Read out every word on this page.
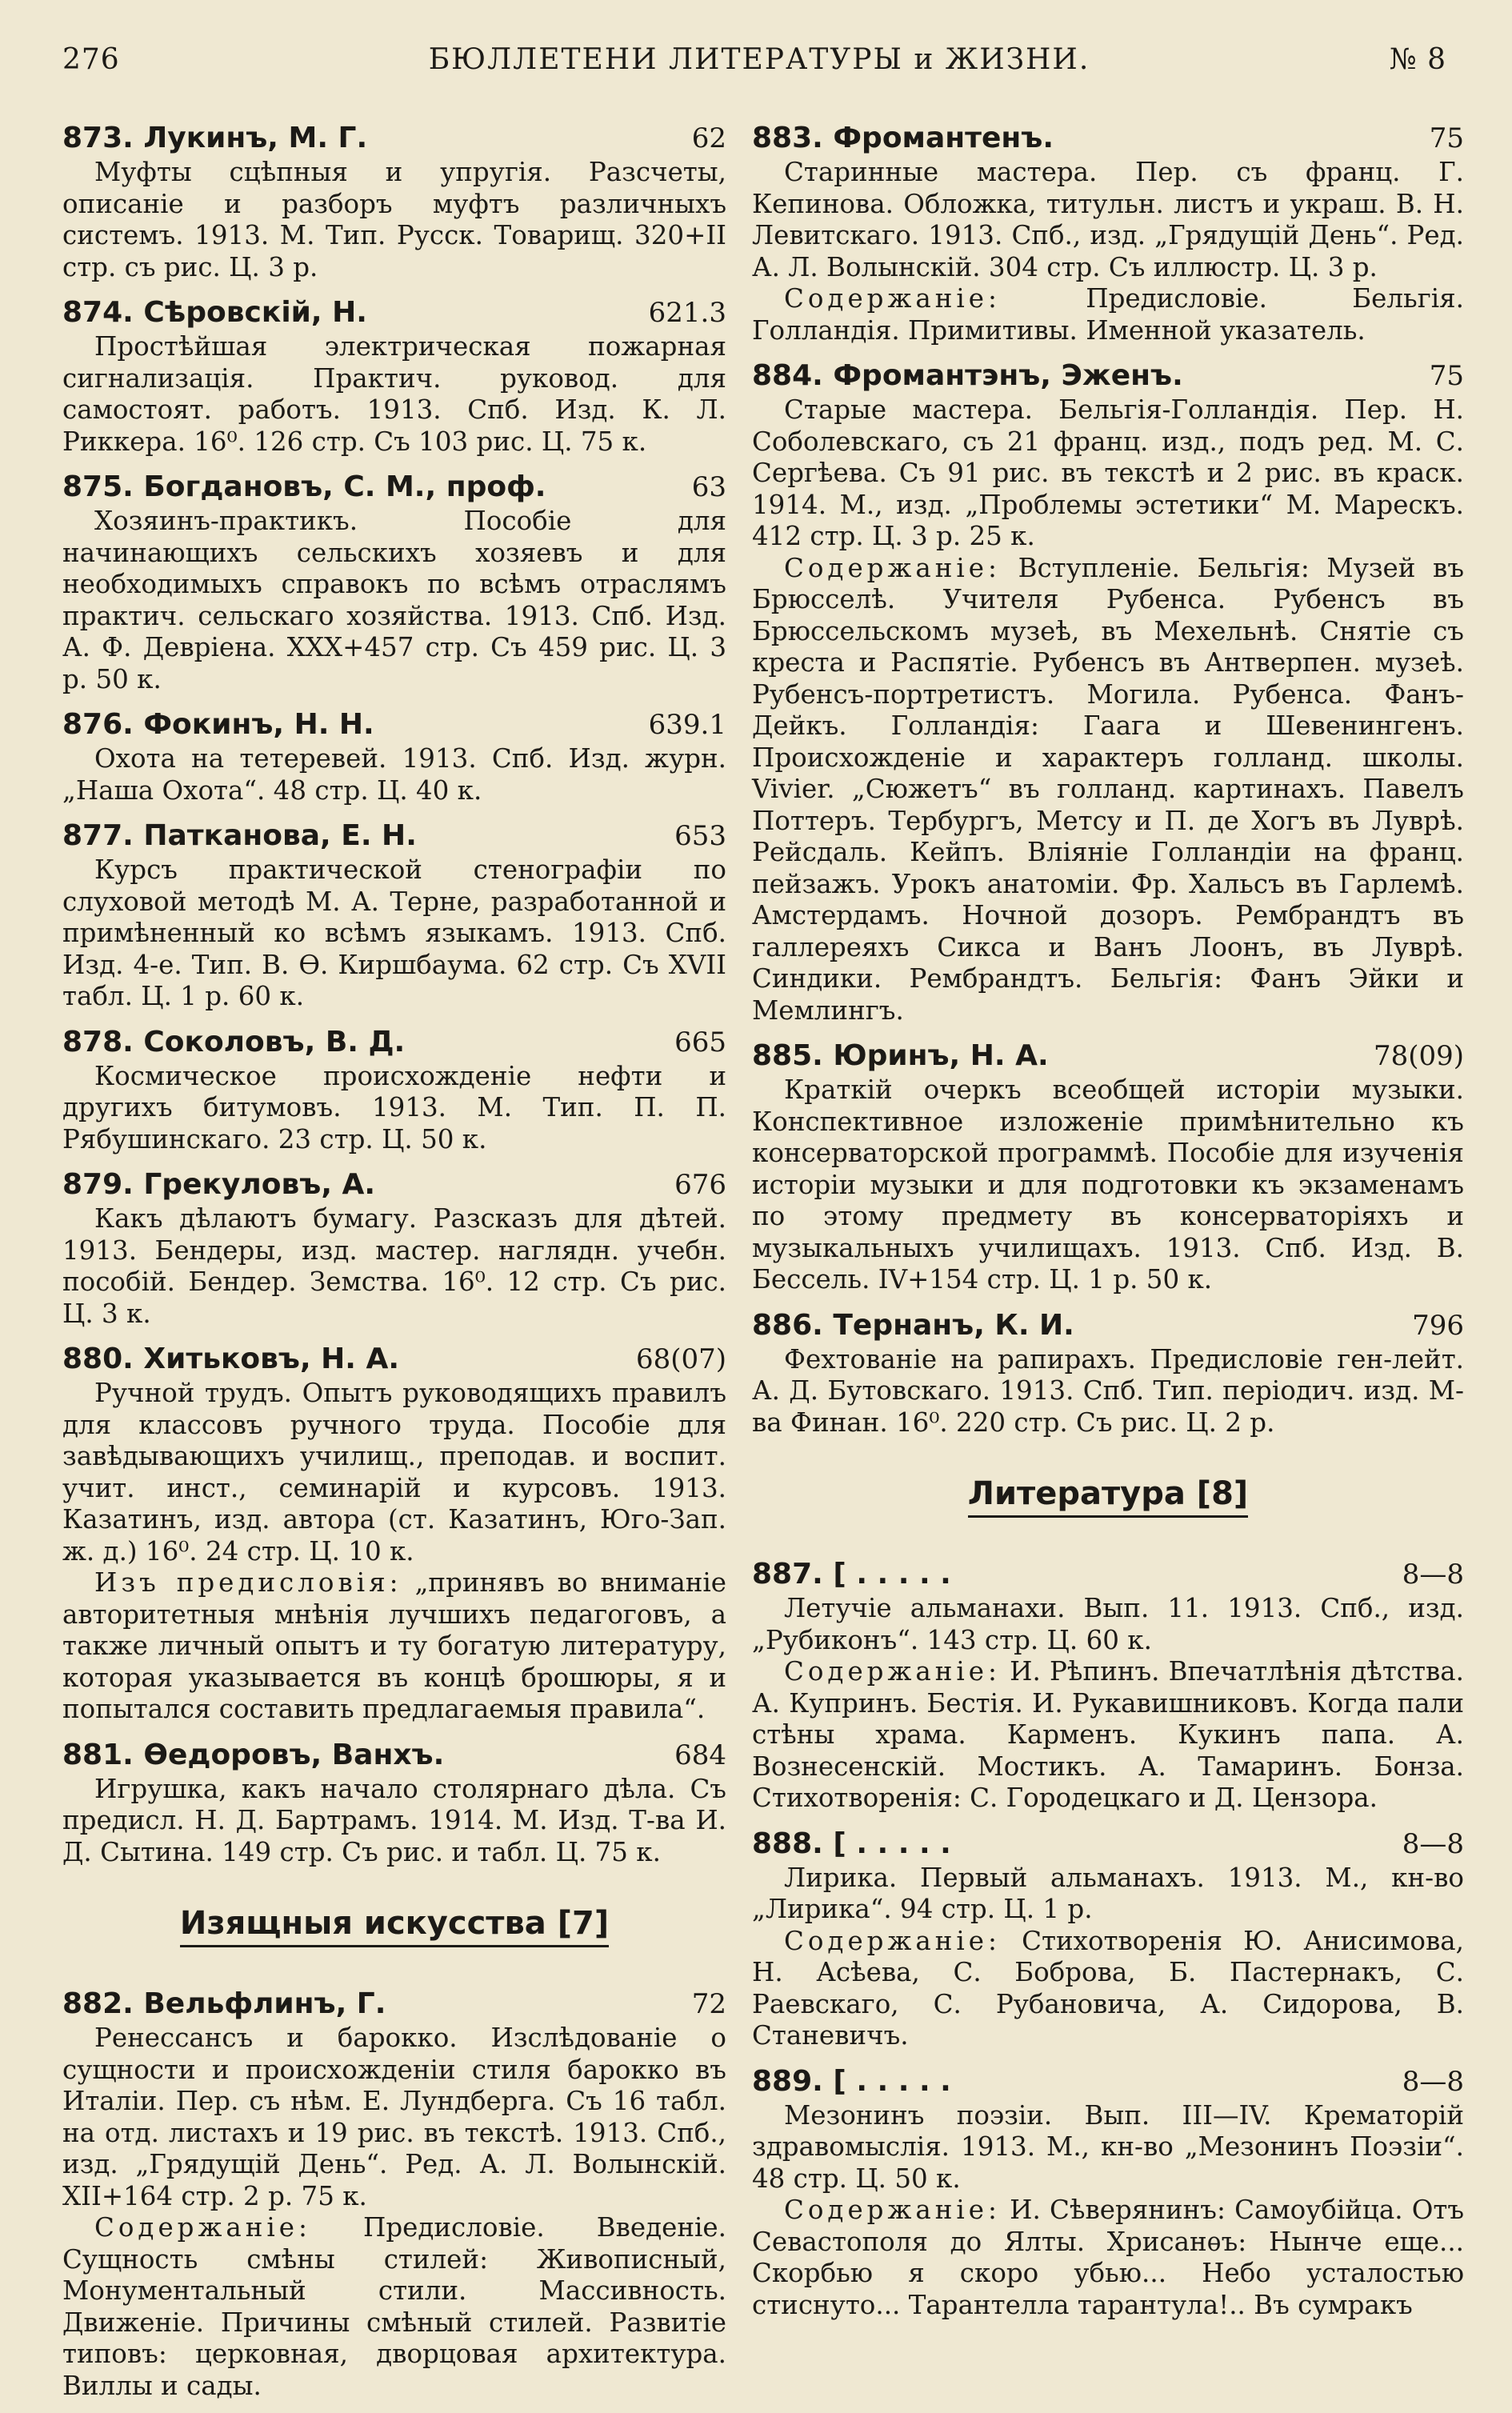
276	БЮЛЛЕТЕНИ ЛИТЕРАТУРЫ и ЖИЗНИ.	№ 8
873. Лукинъ, М. Г.	62

Муфты сцѣпныя и упругія. Разсчеты, описаніе и разборъ муфтъ различныхъ системъ. 1913. М. Тип. Русск. Товарищ. 320+II стр. съ рис. Ц. 3 р.

874. Сѣровскій, Н.	621.3

Простѣйшая электрическая пожарная сигнализація. Практич. руковод. для самостоят. работъ. 1913. Спб. Изд. К. Л. Риккера. 16⁰. 126 стр. Съ 103 рис. Ц. 75 к.

875. Богдановъ, С. М., проф.	63

Хозяинъ-практикъ. Пособіе для начинающихъ сельскихъ хозяевъ и для необходимыхъ справокъ по всѣмъ отраслямъ практич. сельскаго хозяйства. 1913. Спб. Изд. А. Ф. Девріена. XXX+457 стр. Съ 459 рис. Ц. 3 р. 50 к.

876. Фокинъ, Н. Н.	639.1

Охота на тетеревей. 1913. Спб. Изд. журн. „Наша Охота“. 48 стр. Ц. 40 к.

877. Патканова, Е. Н.	653

Курсъ практической стенографіи по слуховой методѣ М. А. Терне, разработанной и примѣненный ко всѣмъ языкамъ. 1913. Спб. Изд. 4-е. Тип. В. Ѳ. Киршбаума. 62 стр. Съ XVII табл. Ц. 1 р. 60 к.

878. Соколовъ, В. Д.	665

Космическое происхожденіе нефти и другихъ битумовъ. 1913. М. Тип. П. П. Рябушинскаго. 23 стр. Ц. 50 к.

879. Грекуловъ, А.	676

Какъ дѣлаютъ бумагу. Разсказъ для дѣтей. 1913. Бендеры, изд. мастер. наглядн. учебн. пособій. Бендер. Земства. 16⁰. 12 стр. Съ рис. Ц. 3 к.

880. Хитьковъ, Н. А.	68(07)

Ручной трудъ. Опытъ руководящихъ правилъ для классовъ ручного труда. Пособіе для завѣдывающихъ училищ., преподав. и воспит. учит. инст., семинарій и курсовъ. 1913. Казатинъ, изд. автора (ст. Казатинъ, Юго-Зап. ж. д.) 16⁰. 24 стр. Ц. 10 к.

Изъ предисловія: „принявъ во вниманіе авторитетныя мнѣнія лучшихъ педагоговъ, а также личный опытъ и ту богатую литературу, которая указывается въ концѣ брошюры, я и попытался составить предлагаемыя правила“.

881. Ѳедоровъ, Ванхъ.	684

Игрушка, какъ начало столярнаго дѣла. Съ предисл. Н. Д. Бартрамъ. 1914. М. Изд. Т-ва И. Д. Сытина. 149 стр. Съ рис. и табл. Ц. 75 к.

Изящныя искусства [7]
882. Вельфлинъ, Г.	72

Ренессансъ и барокко. Изслѣдованіе о сущности и происхожденіи стиля барокко въ Италіи. Пер. съ нѣм. Е. Лундберга. Съ 16 табл. на отд. листахъ и 19 рис. въ текстѣ. 1913. Спб., изд. „Грядущій День“. Ред. А. Л. Волынскій. XII+164 стр. 2 р. 75 к.

Содержаніе: Предисловіе. Введеніе. Сущность смѣны стилей: Живописный, Монументальный стили. Массивность. Движеніе. Причины смѣный стилей. Развитіе типовъ: церковная, дворцовая архитектура. Виллы и сады.

883. Фромантенъ.	75

Старинные мастера. Пер. съ франц. Г. Кепинова. Обложка, титульн. листъ и украш. В. Н. Левитскаго. 1913. Спб., изд. „Грядущій День“. Ред. А. Л. Волынскій. 304 стр. Съ иллюстр. Ц. 3 р.

Содержаніе: Предисловіе. Бельгія. Голландія. Примитивы. Именной указатель.

884. Фромантэнъ, Эженъ.	75

Старые мастера. Бельгія-Голландія. Пер. Н. Соболевскаго, съ 21 франц. изд., подъ ред. М. С. Сергѣева. Съ 91 рис. въ текстѣ и 2 рис. въ краск. 1914. М., изд. „Проблемы эстетики“ М. Марескъ. 412 стр. Ц. 3 р. 25 к.

Содержаніе: Вступленіе. Бельгія: Музей въ Брюсселѣ. Учителя Рубенса. Рубенсъ въ Брюссельскомъ музеѣ, въ Мехельнѣ. Снятіе съ креста и Распятіе. Рубенсъ въ Антверпен. музеѣ. Рубенсъ-портретистъ. Могила. Рубенса. Фанъ-Дейкъ. Голландія: Гаага и Шевенингенъ. Происхожденіе и характеръ голланд. школы. Vivier. „Сюжетъ“ въ голланд. картинахъ. Павелъ Поттеръ. Тербургъ, Метсу и П. де Хогъ въ Луврѣ. Рейсдаль. Кейпъ. Вліяніе Голландіи на франц. пейзажъ. Урокъ анатоміи. Фр. Хальсъ въ Гарлемѣ. Амстердамъ. Ночной дозоръ. Рембрандтъ въ галлереяхъ Сикса и Ванъ Лоонъ, въ Луврѣ. Синдики. Рембрандтъ. Бельгія: Фанъ Эйки и Мемлингъ.

885. Юринъ, Н. А.	78(09)

Краткій очеркъ всеобщей исторіи музыки. Конспективное изложеніе примѣнительно къ консерваторской программѣ. Пособіе для изученія исторіи музыки и для подготовки къ экзаменамъ по этому предмету въ консерваторіяхъ и музыкальныхъ училищахъ. 1913. Спб. Изд. В. Бессель. IV+154 стр. Ц. 1 р. 50 к.

886. Тернанъ, К. И.	796

Фехтованіе на рапирахъ. Предисловіе ген-лейт. А. Д. Бутовскаго. 1913. Спб. Тип. періодич. изд. М-ва Финан. 16⁰. 220 стр. Съ рис. Ц. 2 р.

Литература [8]
887. [ . . . . .	8—8

Летучіе альманахи. Вып. 11. 1913. Спб., изд. „Рубиконъ“. 143 стр. Ц. 60 к.

Содержаніе: И. Рѣпинъ. Впечатлѣнія дѣтства. А. Купринъ. Бестія. И. Рукавишниковъ. Когда пали стѣны храма. Карменъ. Кукинъ папа. А. Вознесенскій. Мостикъ. А. Тамаринъ. Бонза. Стихотворенія: С. Городецкаго и Д. Цензора.

888. [ . . . . .	8—8

Лирика. Первый альманахъ. 1913. М., кн-во „Лирика“. 94 стр. Ц. 1 р.

Содержаніе: Стихотворенія Ю. Анисимова, Н. Асѣева, С. Боброва, Б. Пастернакъ, С. Раевскаго, С. Рубановича, А. Сидорова, В. Станевичъ.

889. [ . . . . .	8—8

Мезонинъ поэзіи. Вып. III—IV. Крематорій здравомыслія. 1913. М., кн-во „Мезонинъ Поэзіи“. 48 стр. Ц. 50 к.

Содержаніе: И. Сѣверянинъ: Самоубійца. Отъ Севастополя до Ялты. Хрисанѳъ: Нынче еще... Скорбью я скоро убью... Небо усталостью стиснуто... Тарантелла тарантула!.. Въ сумракъ
